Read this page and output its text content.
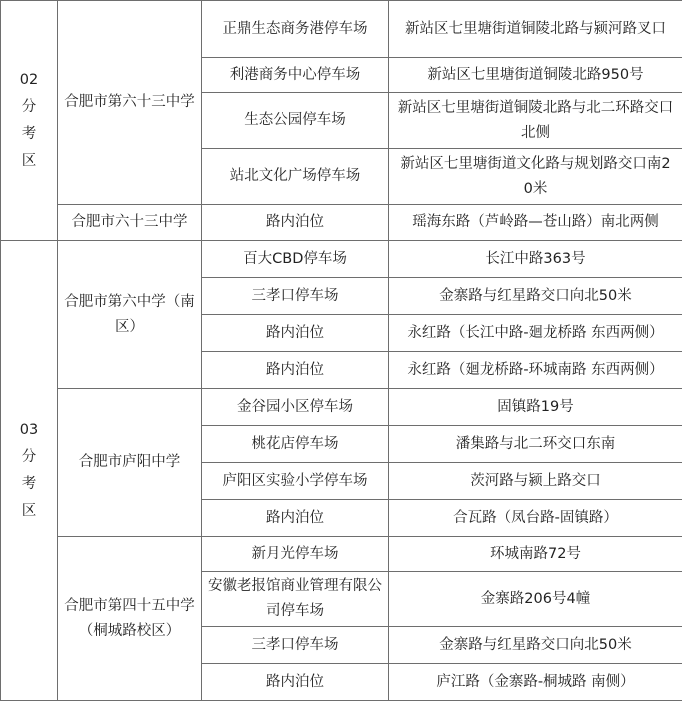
02
分
考
区	合肥市第六十三中学	正鼎生态商务港停车场	新站区七里塘街道铜陵北路与颍河路叉口
		利港商务中心停车场	新站区七里塘街道铜陵北路950号
		生态公园停车场	新站区七里塘街道铜陵北路与北二环路交口北侧
		站北文化广场停车场	新站区七里塘街道文化路与规划路交口南20米
	合肥市六十三中学	路内泊位	瑶海东路（芦岭路—苍山路）南北两侧

03
分
考
区	合肥市第六中学（南区）	百大CBD停车场	长江中路363号
		三孝口停车场	金寨路与红星路交口向北50米
		路内泊位	永红路（长江中路-廻龙桥路 东西两侧）
		路内泊位	永红路（廻龙桥路-环城南路 东西两侧）
	合肥市庐阳中学	金谷园小区停车场	固镇路19号
		桃花店停车场	潘集路与北二环交口东南
		庐阳区实验小学停车场	茨河路与颍上路交口
		路内泊位	合瓦路（凤台路-固镇路）
	合肥市第四十五中学（桐城路校区）	新月光停车场	环城南路72号
		安徽老报馆商业管理有限公司停车场	金寨路206号4幢
		三孝口停车场	金寨路与红星路交口向北50米
		路内泊位	庐江路（金寨路-桐城路 南侧）
